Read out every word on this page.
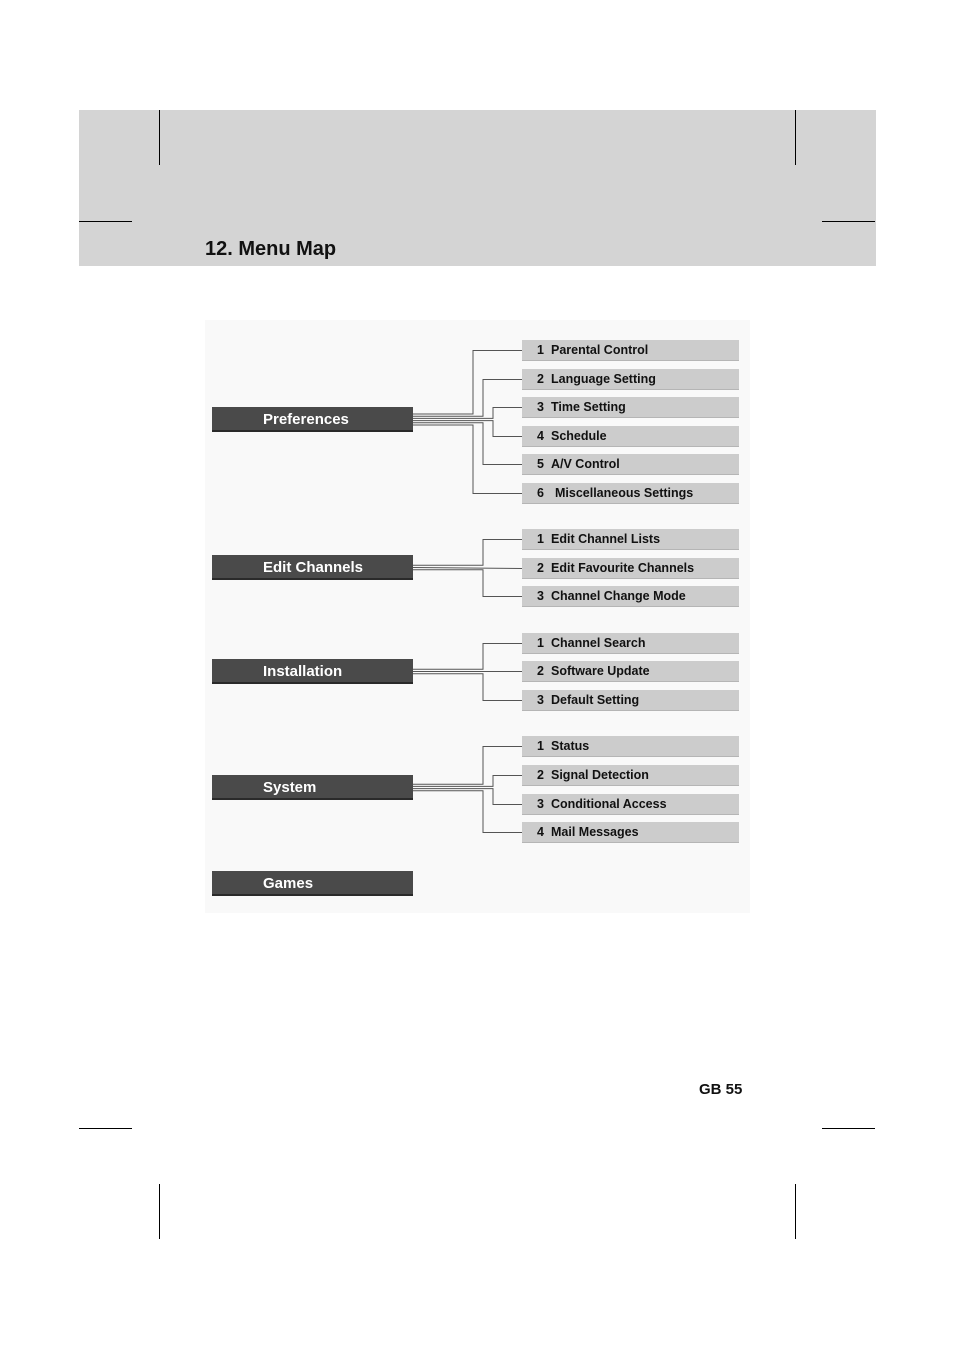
12. Menu Map
Preferences
1 Parental Control
2 Language Setting
3 Time Setting
4 Schedule
5 A/V Control
6 Miscellaneous Settings
Edit Channels
1 Edit Channel Lists
2 Edit Favourite Channels
3 Channel Change Mode
Installation
1 Channel Search
2 Software Update
3 Default Setting
System
1 Status
2 Signal Detection
3 Conditional Access
4 Mail Messages
Games
GB 55
